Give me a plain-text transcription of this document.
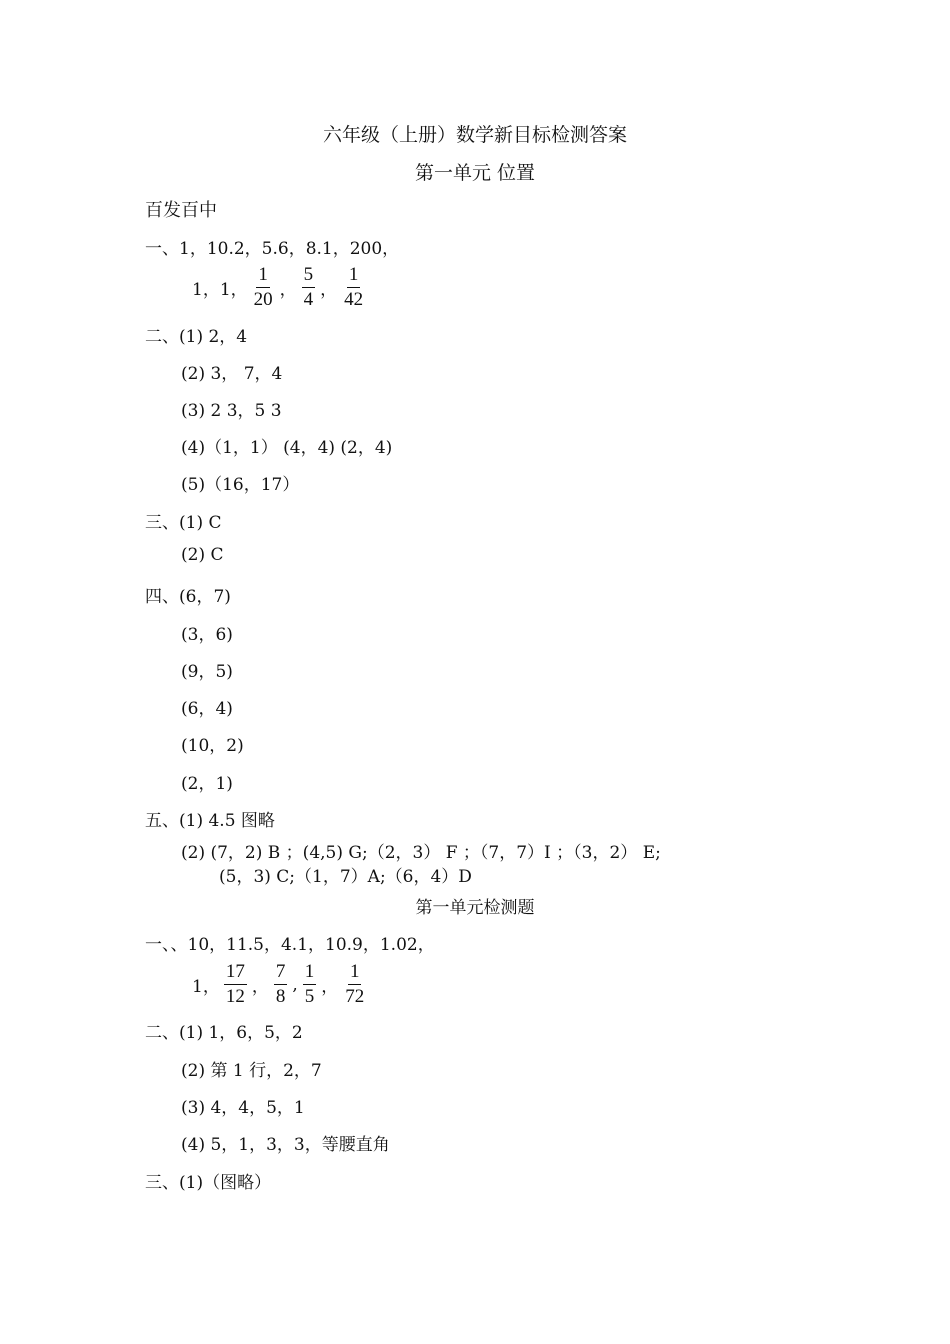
六年级（上册）数学新目标检测答案
第一单元 位置
百发百中
一、1，10.2，5.6，8.1，200，
1，1， $\frac{1}{20}$ ， $\frac{5}{4}$ ， $\frac{1}{42}$
二、(1) 2，4
(2) 3， 7，4
(3) 2 3，5 3
(4)（1，1） (4，4) (2，4)
(5)（16，17）
三、(1) C
(2) C
四、(6，7)
(3，6)
(9，5)
(6，4)
(10，2)
(2，1)
五、(1) 4.5 图略
(2) (7，2) B ；(4,5) G;（2，3） F ；（7，7）I ；（3，2） E;
(5，3) C;（1，7）A;（6，4）D
第一单元检测题
一、、10，11.5，4.1，10.9，1.02，
1， $\frac{17}{12}$ ， $\frac{7}{8}$ , $\frac{1}{5}$ ， $\frac{1}{72}$
二、(1) 1，6，5，2
(2) 第 1 行，2，7
(3) 4，4，5，1
(4) 5，1，3，3，等腰直角
三、(1)（图略）
